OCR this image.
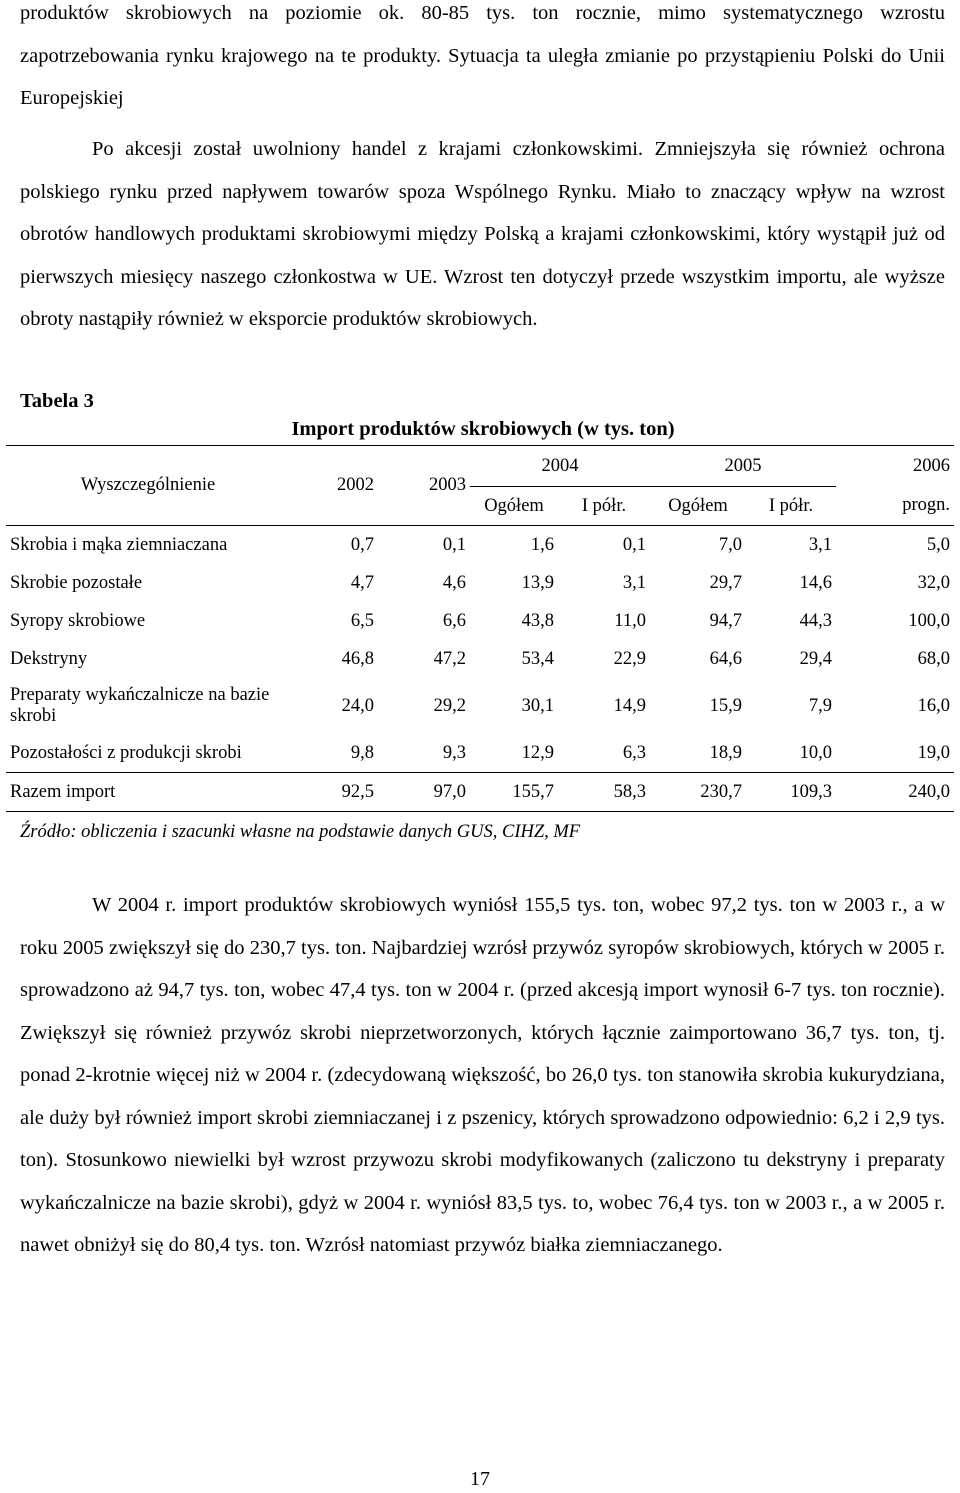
produktów skrobiowych na poziomie ok. 80-85 tys. ton rocznie, mimo systematycznego wzrostu zapotrzebowania rynku krajowego na te produkty. Sytuacja ta uległa zmianie po przystąpieniu Polski do Unii Europejskiej

Po akcesji został uwolniony handel z krajami członkowskimi. Zmniejszyła się również ochrona polskiego rynku przed napływem towarów spoza Wspólnego Rynku. Miało to znaczący wpływ na wzrost obrotów handlowych produktami skrobiowymi między Polską a krajami członkowskimi, który wystąpił już od pierwszych miesięcy naszego członkostwa w UE. Wzrost ten dotyczył przede wszystkim importu, ale wyższe obroty nastąpiły również w eksporcie produktów skrobiowych.

Tabela 3

Import produktów skrobiowych (w tys. ton)

Wyszczególnienie	2002	2003	2004		2005		2006
			Ogółem	I półr.	Ogółem	I półr.	progn.
Skrobia i mąka ziemniaczana	0,7	0,1	1,6	0,1	7,0	3,1	5,0
Skrobie pozostałe	4,7	4,6	13,9	3,1	29,7	14,6	32,0
Syropy skrobiowe	6,5	6,6	43,8	11,0	94,7	44,3	100,0
Dekstryny	46,8	47,2	53,4	22,9	64,6	29,4	68,0
Preparaty wykańczalnicze na bazie skrobi	24,0	29,2	30,1	14,9	15,9	7,9	16,0
Pozostałości z produkcji skrobi	9,8	9,3	12,9	6,3	18,9	10,0	19,0
Razem import	92,5	97,0	155,7	58,3	230,7	109,3	240,0

Źródło: obliczenia i szacunki własne na podstawie danych GUS, CIHZ, MF

W 2004 r. import produktów skrobiowych wyniósł 155,5 tys. ton, wobec 97,2 tys. ton w 2003 r., a w roku 2005 zwiększył się do 230,7 tys. ton. Najbardziej wzrósł przywóz syropów skrobiowych, których w 2005 r. sprowadzono aż 94,7 tys. ton, wobec 47,4 tys. ton w 2004 r. (przed akcesją import wynosił 6-7 tys. ton rocznie). Zwiększył się również przywóz skrobi nieprzetworzonych, których łącznie zaimportowano 36,7 tys. ton, tj. ponad 2-krotnie więcej niż w 2004 r. (zdecydowaną większość, bo 26,0 tys. ton stanowiła skrobia kukurydziana, ale duży był również import skrobi ziemniaczanej i z pszenicy, których sprowadzono odpowiednio: 6,2 i 2,9 tys. ton). Stosunkowo niewielki był wzrost przywozu skrobi modyfikowanych (zaliczono tu dekstryny i preparaty wykańczalnicze na bazie skrobi), gdyż w 2004 r. wyniósł 83,5 tys. to, wobec 76,4 tys. ton w 2003 r., a w 2005 r. nawet obniżył się do 80,4 tys. ton. Wzrósł natomiast przywóz białka ziemniaczanego.

17
